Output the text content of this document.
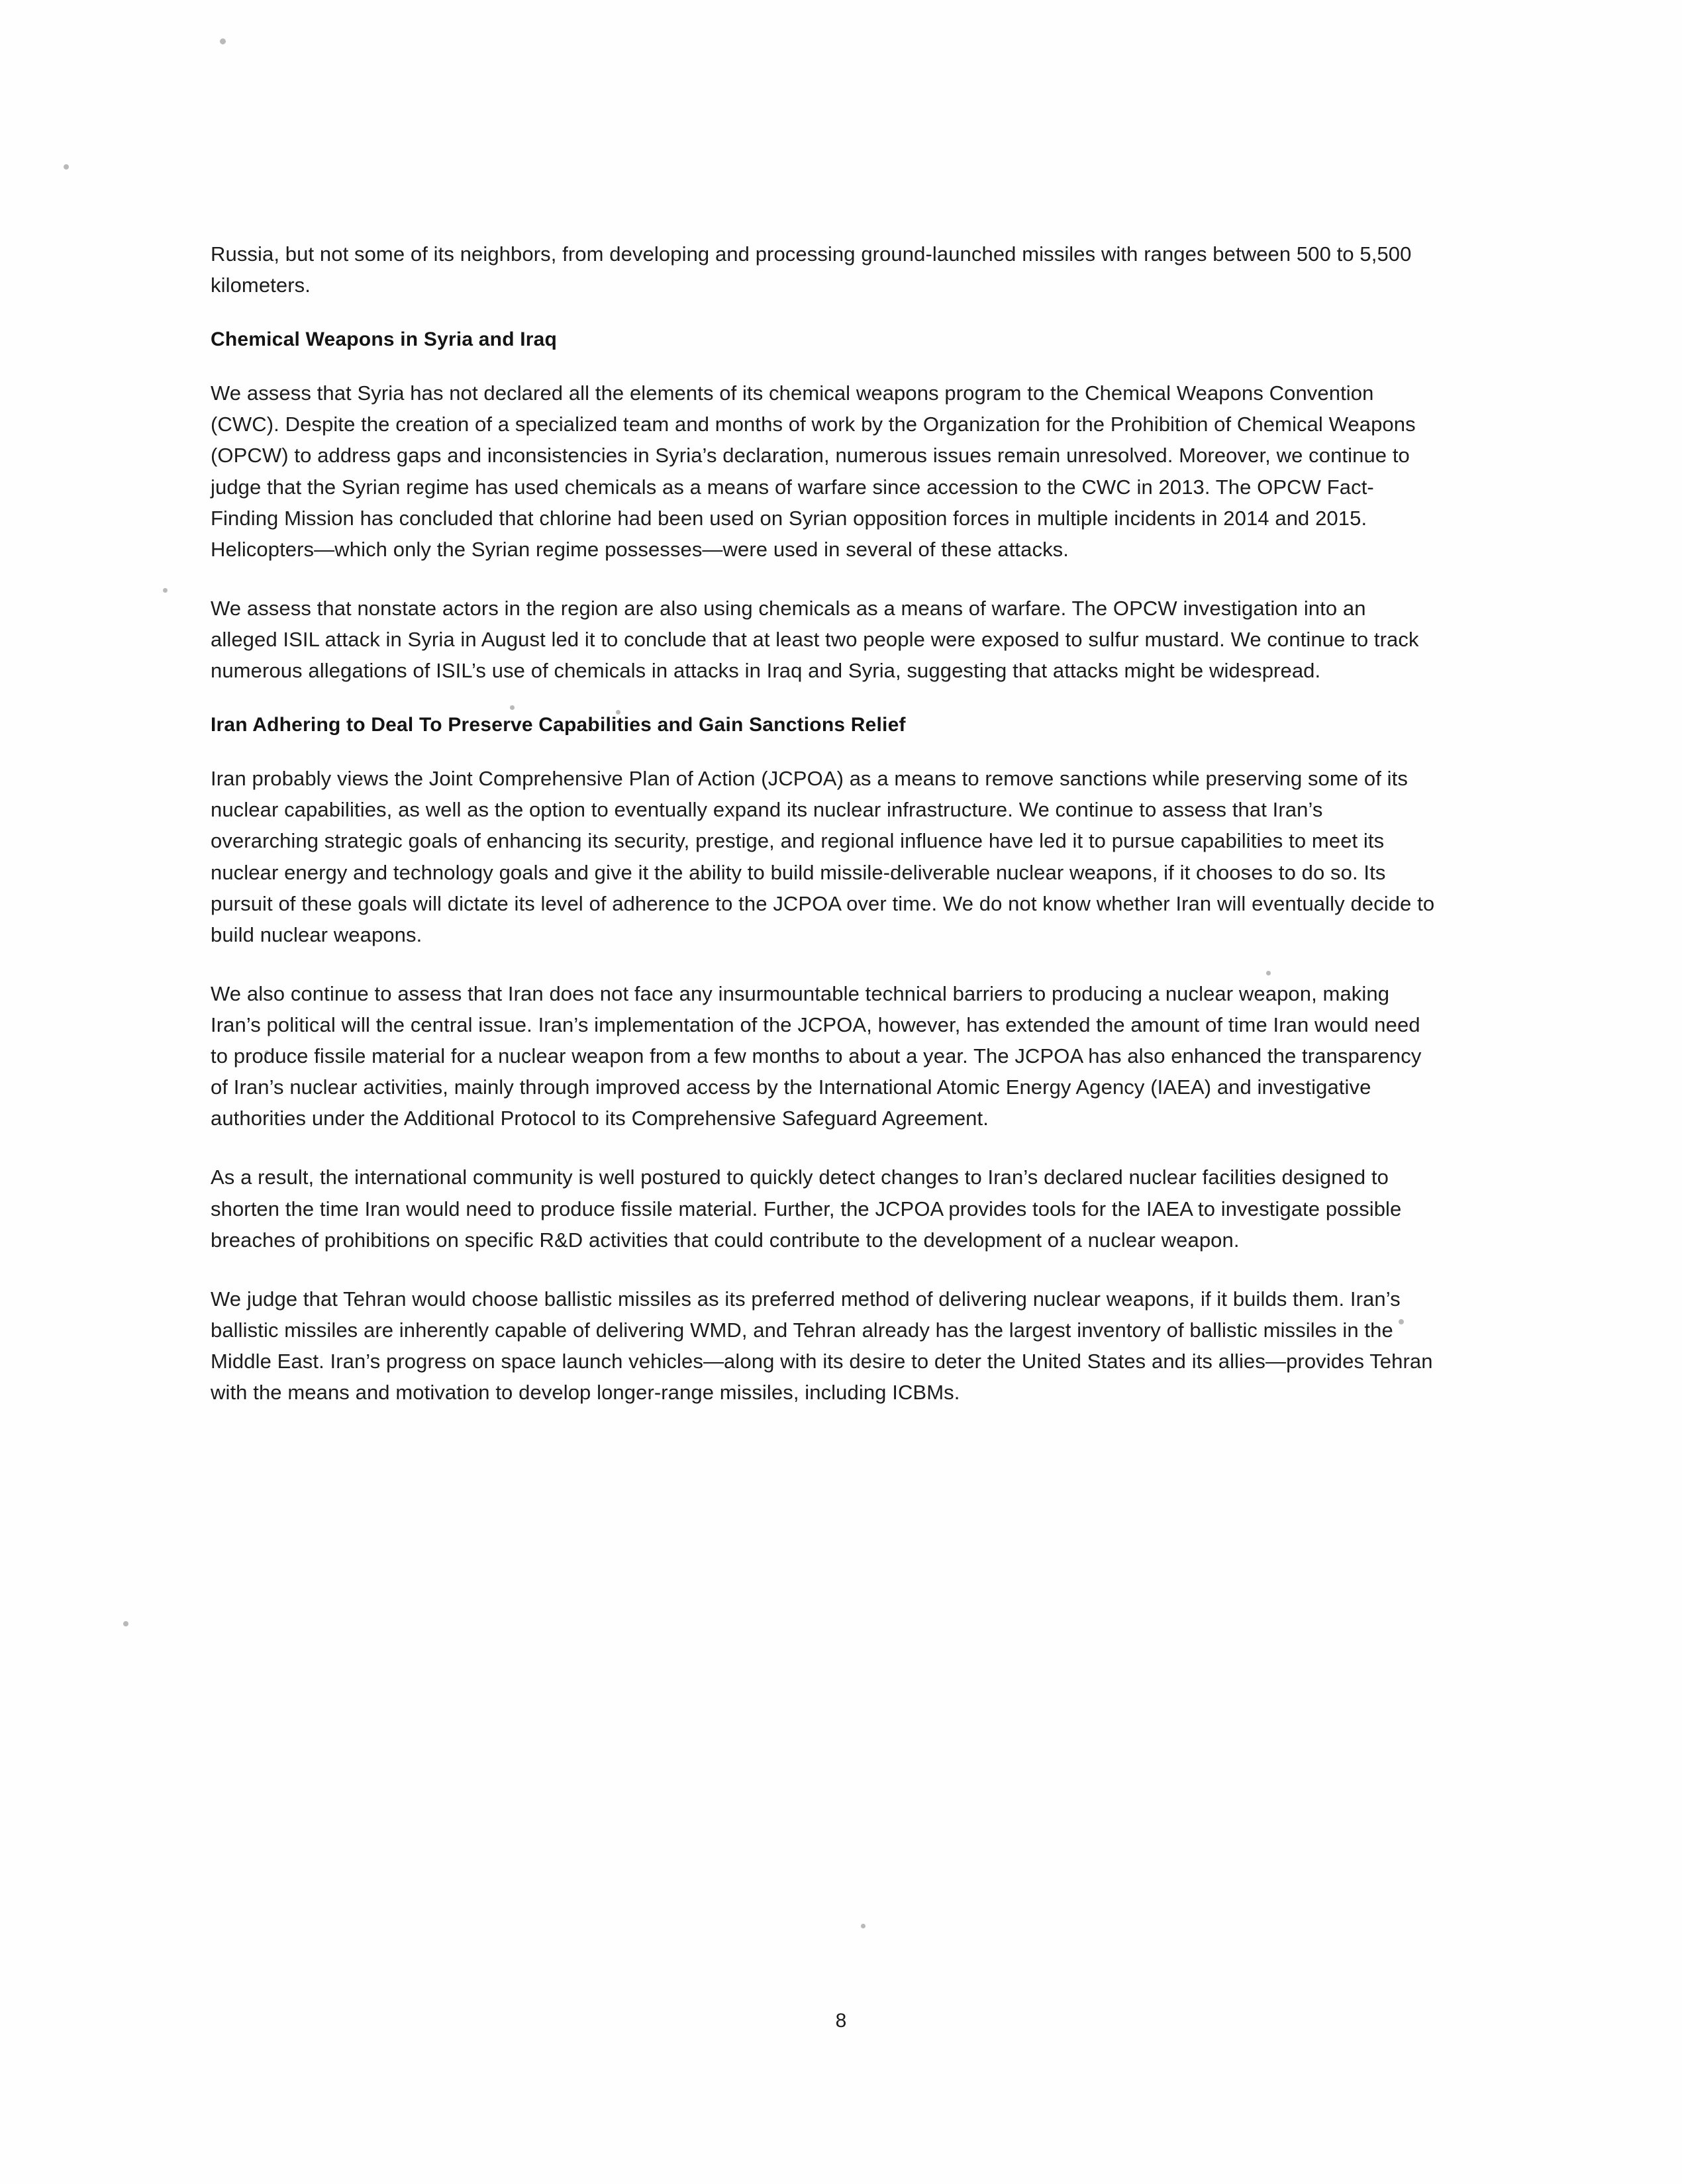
Russia, but not some of its neighbors, from developing and processing ground-launched missiles with ranges between 500 to 5,500 kilometers.

Chemical Weapons in Syria and Iraq

We assess that Syria has not declared all the elements of its chemical weapons program to the Chemical Weapons Convention (CWC). Despite the creation of a specialized team and months of work by the Organization for the Prohibition of Chemical Weapons (OPCW) to address gaps and inconsistencies in Syria’s declaration, numerous issues remain unresolved. Moreover, we continue to judge that the Syrian regime has used chemicals as a means of warfare since accession to the CWC in 2013. The OPCW Fact-Finding Mission has concluded that chlorine had been used on Syrian opposition forces in multiple incidents in 2014 and 2015. Helicopters—which only the Syrian regime possesses—were used in several of these attacks.

We assess that nonstate actors in the region are also using chemicals as a means of warfare. The OPCW investigation into an alleged ISIL attack in Syria in August led it to conclude that at least two people were exposed to sulfur mustard. We continue to track numerous allegations of ISIL’s use of chemicals in attacks in Iraq and Syria, suggesting that attacks might be widespread.

Iran Adhering to Deal To Preserve Capabilities and Gain Sanctions Relief

Iran probably views the Joint Comprehensive Plan of Action (JCPOA) as a means to remove sanctions while preserving some of its nuclear capabilities, as well as the option to eventually expand its nuclear infrastructure. We continue to assess that Iran’s overarching strategic goals of enhancing its security, prestige, and regional influence have led it to pursue capabilities to meet its nuclear energy and technology goals and give it the ability to build missile-deliverable nuclear weapons, if it chooses to do so. Its pursuit of these goals will dictate its level of adherence to the JCPOA over time. We do not know whether Iran will eventually decide to build nuclear weapons.

We also continue to assess that Iran does not face any insurmountable technical barriers to producing a nuclear weapon, making Iran’s political will the central issue. Iran’s implementation of the JCPOA, however, has extended the amount of time Iran would need to produce fissile material for a nuclear weapon from a few months to about a year. The JCPOA has also enhanced the transparency of Iran’s nuclear activities, mainly through improved access by the International Atomic Energy Agency (IAEA) and investigative authorities under the Additional Protocol to its Comprehensive Safeguard Agreement.

As a result, the international community is well postured to quickly detect changes to Iran’s declared nuclear facilities designed to shorten the time Iran would need to produce fissile material. Further, the JCPOA provides tools for the IAEA to investigate possible breaches of prohibitions on specific R&D activities that could contribute to the development of a nuclear weapon.

We judge that Tehran would choose ballistic missiles as its preferred method of delivering nuclear weapons, if it builds them. Iran’s ballistic missiles are inherently capable of delivering WMD, and Tehran already has the largest inventory of ballistic missiles in the Middle East. Iran’s progress on space launch vehicles—along with its desire to deter the United States and its allies—provides Tehran with the means and motivation to develop longer-range missiles, including ICBMs.

8
